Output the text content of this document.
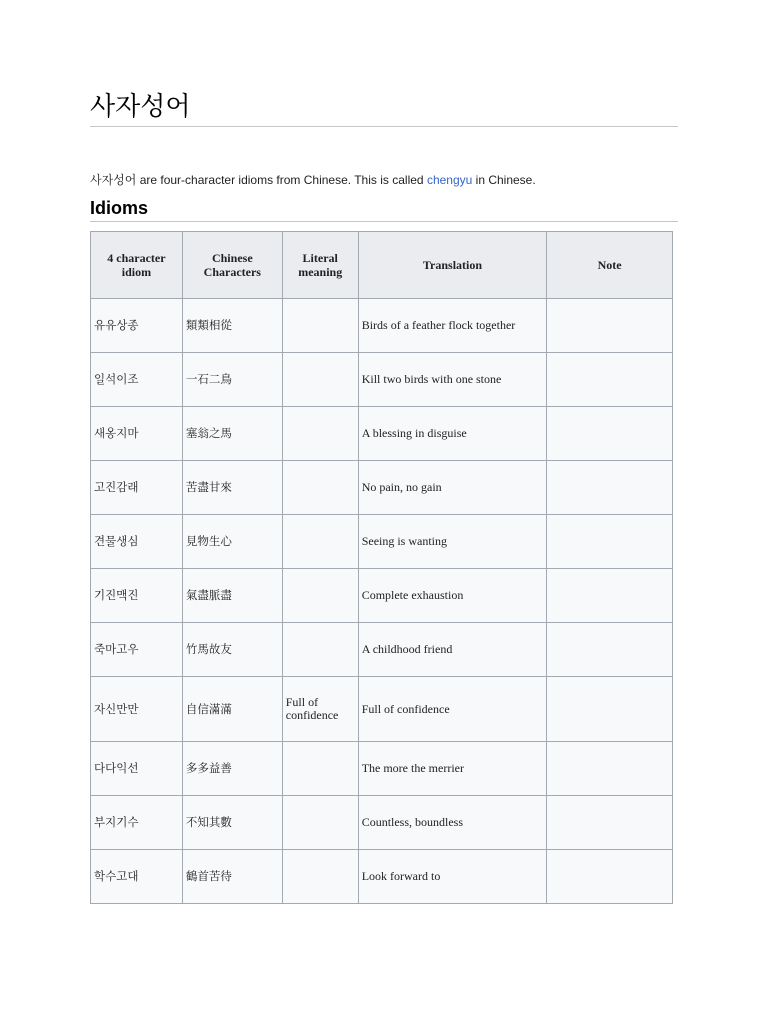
사자성어

사자성어 are four-character idioms from Chinese. This is called chengyu in Chinese.

Idioms
4 character idiom	Chinese Characters	Literal meaning	Translation	Note
유유상종	類類相從		Birds of a feather flock together	
일석이조	一石二鳥		Kill two birds with one stone	
새옹지마	塞翁之馬		A blessing in disguise	
고진감래	苦盡甘來		No pain, no gain	
견물생심	見物生心		Seeing is wanting	
기진맥진	氣盡脈盡		Complete exhaustion	
죽마고우	竹馬故友		A childhood friend	
자신만만	自信滿滿	Full of confidence	Full of confidence	
다다익선	多多益善		The more the merrier	
부지기수	不知其數		Countless, boundless	
학수고대	鶴首苦待		Look forward to	
